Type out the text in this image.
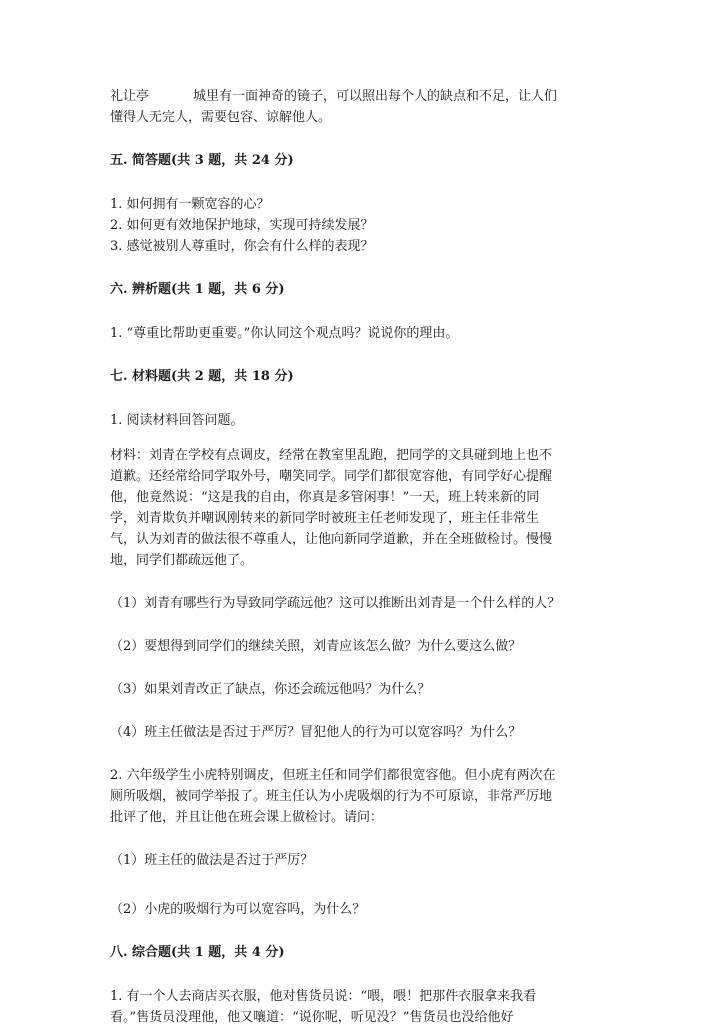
礼让亭	城里有一面神奇的镜子，可以照出每个人的缺点和不足，让人们
懂得人无完人，需要包容、谅解他人。
五. 简答题(共 3 题，共 24 分)
1. 如何拥有一颗宽容的心？
2. 如何更有效地保护地球，实现可持续发展？
3. 感觉被别人尊重时，你会有什么样的表现？
六. 辨析题(共 1 题，共 6 分)
1. “尊重比帮助更重要。”你认同这个观点吗？说说你的理由。
七. 材料题(共 2 题，共 18 分)
1. 阅读材料回答问题。
材料：刘青在学校有点调皮，经常在教室里乱跑，把同学的文具碰到地上也不
道歉。还经常给同学取外号，嘲笑同学。同学们都很宽容他，有同学好心提醒
他，他竟然说：“这是我的自由，你真是多管闲事！”一天，班上转来新的同
学，刘青欺负并嘲讽刚转来的新同学时被班主任老师发现了，班主任非常生
气，认为刘青的做法很不尊重人，让他向新同学道歉，并在全班做检讨。慢慢
地，同学们都疏远他了。
（1）刘青有哪些行为导致同学疏远他？这可以推断出刘青是一个什么样的人？
（2）要想得到同学们的继续关照，刘青应该怎么做？为什么要这么做？
（3）如果刘青改正了缺点，你还会疏远他吗？为什么？
（4）班主任做法是否过于严厉？冒犯他人的行为可以宽容吗？为什么？
2. 六年级学生小虎特别调皮，但班主任和同学们都很宽容他。但小虎有两次在
厕所吸烟，被同学举报了。班主任认为小虎吸烟的行为不可原谅，非常严厉地
批评了他，并且让他在班会课上做检讨。请问：
（1）班主任的做法是否过于严厉？
（2）小虎的吸烟行为可以宽容吗，为什么？
八. 综合题(共 1 题，共 4 分)
1. 有一个人去商店买衣服，他对售货员说：“喂，喂！把那件衣服拿来我看
看。”售货员没理他，他又嚷道：“说你呢，听见没？”售货员也没给他好
